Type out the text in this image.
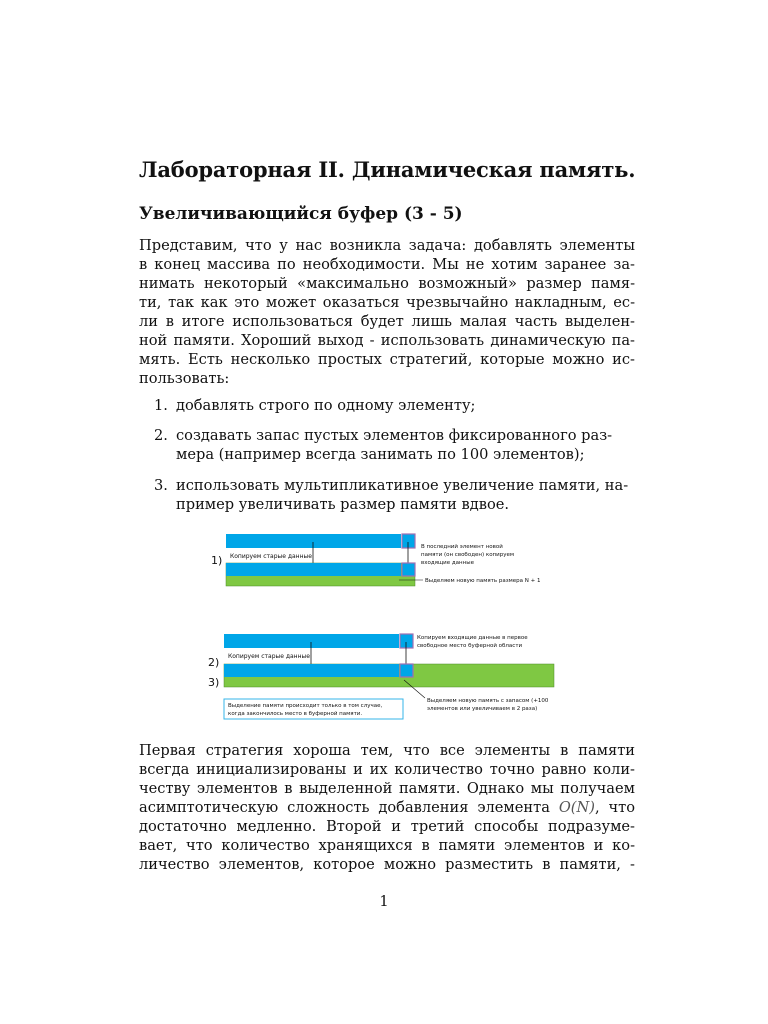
Лабораторная II. Динамическая память.
Увеличивающийся буфер (3 - 5)
Представим, что у нас возникла задача: добавлять элементы
в конец массива по необходимости. Мы не хотим заранее за-
нимать некоторый «максимально возможный» размер памя-
ти, так как это может оказаться чрезвычайно накладным, ес-
ли в итоге использоваться будет лишь малая часть выделен-
ной памяти. Хороший выход - использовать динамическую па-
мять. Есть несколько простых стратегий, которые можно ис-
пользовать:
1. добавлять строго по одному элементу;
2. создавать запас пустых элементов фиксированного раз-
мера (например всегда занимать по 100 элементов);
3. использовать мультипликативное увеличение памяти, на-
пример увеличивать размер памяти вдвое.
1) Копируем старые данные
В последний элемент новой
памяти (он свободен) копируем
входящие данные
Выделяем новую память размера N + 1
2)
3)
Копируем входящие данные в первое
свободное место буферной области
Копируем старые данные
Выделяем новую память с запасом (+100
элементов или увеличиваем в 2 раза)
Выделение памяти происходит только в том случае,
когда закончилось место в буферной памяти.
Первая стратегия хороша тем, что все элементы в памяти
всегда инициализированы и их количество точно равно коли-
честву элементов в выделенной памяти. Однако мы получаем
асимптотическую сложность добавления элемента O(N), что
достаточно медленно. Второй и третий способы подразуме-
вает, что количество хранящихся в памяти элементов и ко-
личество элементов, которое можно разместить в памяти, -
1
